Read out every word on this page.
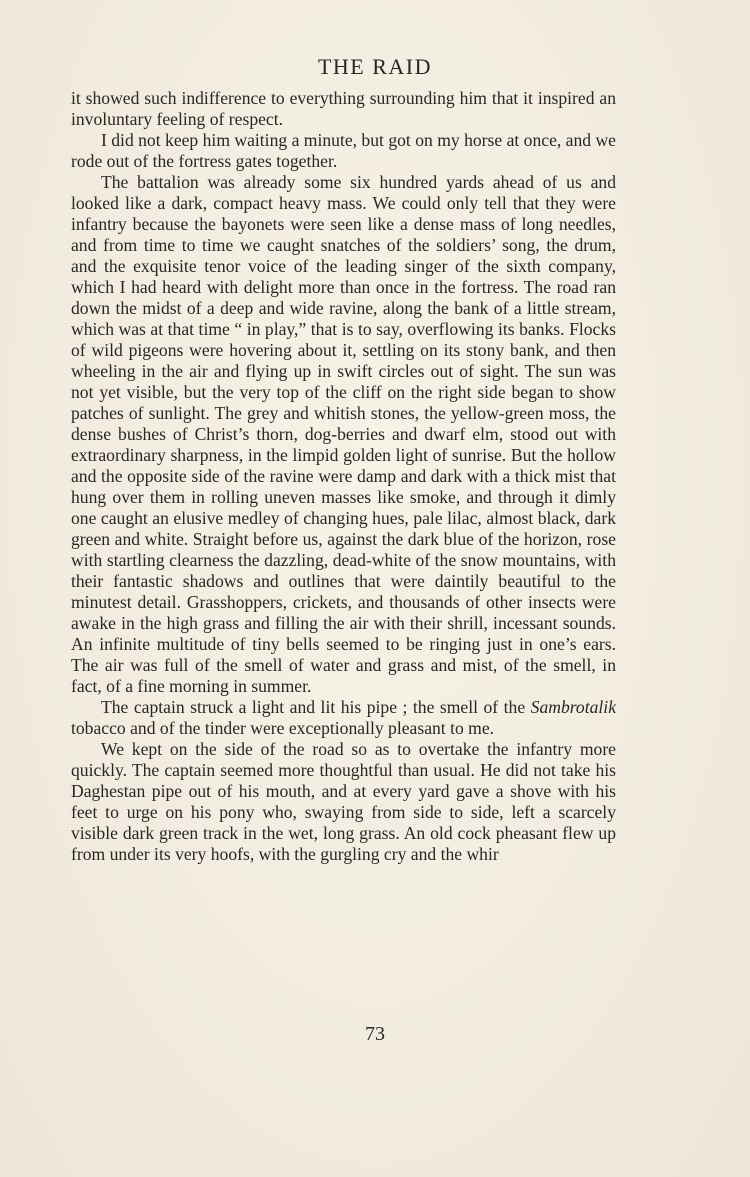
THE RAID

it showed such indifference to everything surrounding him that it inspired an involuntary feeling of respect.

I did not keep him waiting a minute, but got on my horse at once, and we rode out of the fortress gates together.

The battalion was already some six hundred yards ahead of us and looked like a dark, compact heavy mass. We could only tell that they were infantry because the bayonets were seen like a dense mass of long needles, and from time to time we caught snatches of the soldiers’ song, the drum, and the exquisite tenor voice of the leading singer of the sixth company, which I had heard with delight more than once in the fortress. The road ran down the midst of a deep and wide ravine, along the bank of a little stream, which was at that time “ in play,” that is to say, overflowing its banks. Flocks of wild pigeons were hovering about it, settling on its stony bank, and then wheeling in the air and flying up in swift circles out of sight. The sun was not yet visible, but the very top of the cliff on the right side began to show patches of sunlight. The grey and whitish stones, the yellow-green moss, the dense bushes of Christ’s thorn, dog-berries and dwarf elm, stood out with extraordinary sharpness, in the limpid golden light of sunrise. But the hollow and the opposite side of the ravine were damp and dark with a thick mist that hung over them in rolling uneven masses like smoke, and through it dimly one caught an elusive medley of changing hues, pale lilac, almost black, dark green and white. Straight before us, against the dark blue of the horizon, rose with startling clearness the dazzling, dead-white of the snow mountains, with their fantastic shadows and outlines that were daintily beautiful to the minutest detail. Grasshoppers, crickets, and thousands of other insects were awake in the high grass and filling the air with their shrill, incessant sounds. An infinite multitude of tiny bells seemed to be ringing just in one’s ears. The air was full of the smell of water and grass and mist, of the smell, in fact, of a fine morning in summer.

The captain struck a light and lit his pipe ; the smell of the Sambrotalik tobacco and of the tinder were exceptionally pleasant to me.

We kept on the side of the road so as to overtake the infantry more quickly. The captain seemed more thoughtful than usual. He did not take his Daghestan pipe out of his mouth, and at every yard gave a shove with his feet to urge on his pony who, swaying from side to side, left a scarcely visible dark green track in the wet, long grass. An old cock pheasant flew up from under its very hoofs, with the gurgling cry and the whir

73
